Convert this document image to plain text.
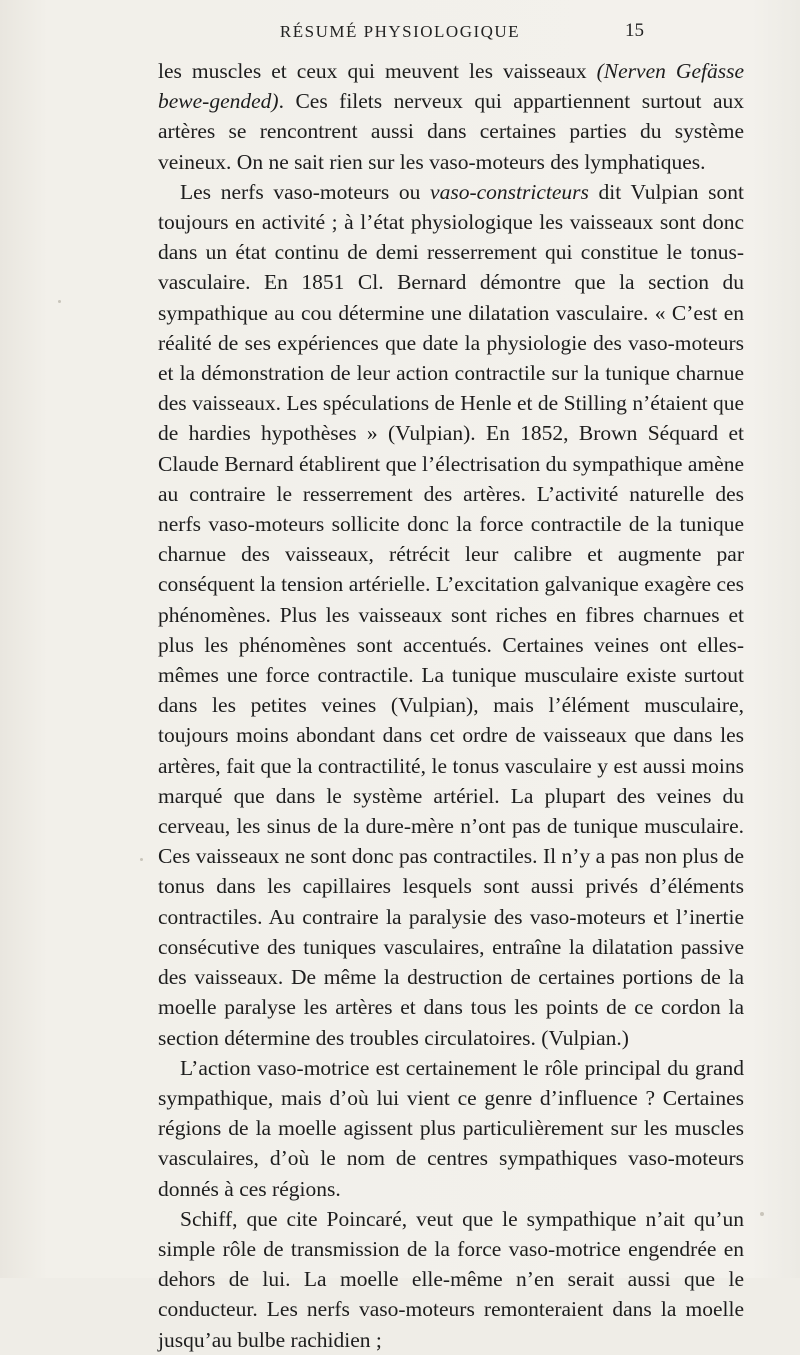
RÉSUMÉ PHYSIOLOGIQUE	15

les muscles et ceux qui meuvent les vaisseaux (Nerven Gefässe bewe-gended). Ces filets nerveux qui appartiennent surtout aux artères se rencontrent aussi dans certaines parties du système veineux. On ne sait rien sur les vaso-moteurs des lymphatiques.

Les nerfs vaso-moteurs ou vaso-constricteurs dit Vulpian sont toujours en activité ; à l’état physiologique les vaisseaux sont donc dans un état continu de demi resserrement qui constitue le tonus-vasculaire. En 1851 Cl. Bernard démontre que la section du sympathique au cou détermine une dilatation vasculaire. « C’est en réalité de ses expériences que date la physiologie des vaso-moteurs et la démonstration de leur action contractile sur la tunique charnue des vaisseaux. Les spéculations de Henle et de Stilling n’étaient que de hardies hypothèses » (Vulpian). En 1852, Brown Séquard et Claude Bernard établirent que l’électrisation du sympathique amène au contraire le resserrement des artères. L’activité naturelle des nerfs vaso-moteurs sollicite donc la force contractile de la tunique charnue des vaisseaux, rétrécit leur calibre et augmente par conséquent la tension artérielle. L’excitation galvanique exagère ces phénomènes. Plus les vaisseaux sont riches en fibres charnues et plus les phénomènes sont accentués. Certaines veines ont elles-mêmes une force contractile. La tunique musculaire existe surtout dans les petites veines (Vulpian), mais l’élément musculaire, toujours moins abondant dans cet ordre de vaisseaux que dans les artères, fait que la contractilité, le tonus vasculaire y est aussi moins marqué que dans le système artériel. La plupart des veines du cerveau, les sinus de la dure-mère n’ont pas de tunique musculaire. Ces vaisseaux ne sont donc pas contractiles. Il n’y a pas non plus de tonus dans les capillaires lesquels sont aussi privés d’éléments contractiles. Au contraire la paralysie des vaso-moteurs et l’inertie consécutive des tuniques vasculaires, entraîne la dilatation passive des vaisseaux. De même la destruction de certaines portions de la moelle paralyse les artères et dans tous les points de ce cordon la section détermine des troubles circulatoires. (Vulpian.)

L’action vaso-motrice est certainement le rôle principal du grand sympathique, mais d’où lui vient ce genre d’influence ? Certaines régions de la moelle agissent plus particulièrement sur les muscles vasculaires, d’où le nom de centres sympathiques vaso-moteurs donnés à ces régions.

Schiff, que cite Poincaré, veut que le sympathique n’ait qu’un simple rôle de transmission de la force vaso-motrice engendrée en dehors de lui. La moelle elle-même n’en serait aussi que le conducteur. Les nerfs vaso-moteurs remonteraient dans la moelle jusqu’au bulbe rachidien ;
